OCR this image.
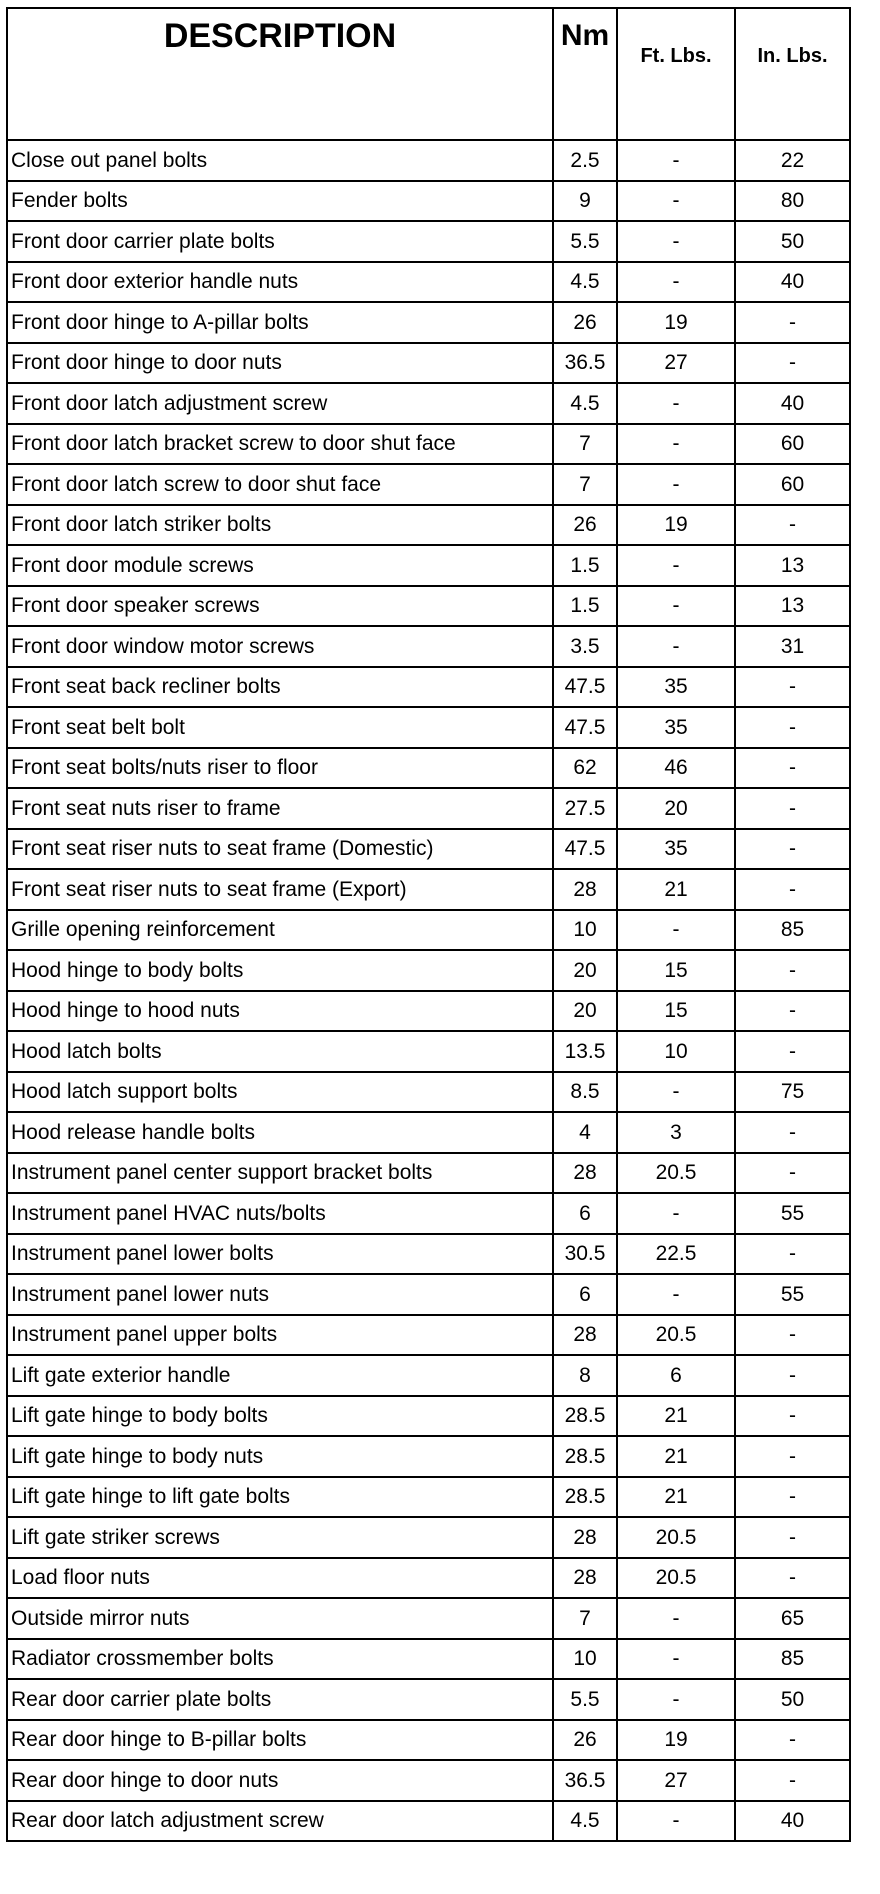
DESCRIPTION	Nm	Ft. Lbs.	In. Lbs.
Close out panel bolts	2.5	-	22
Fender bolts	9	-	80
Front door carrier plate bolts	5.5	-	50
Front door exterior handle nuts	4.5	-	40
Front door hinge to A-pillar bolts	26	19	-
Front door hinge to door nuts	36.5	27	-
Front door latch adjustment screw	4.5	-	40
Front door latch bracket screw to door shut face	7	-	60
Front door latch screw to door shut face	7	-	60
Front door latch striker bolts	26	19	-
Front door module screws	1.5	-	13
Front door speaker screws	1.5	-	13
Front door window motor screws	3.5	-	31
Front seat back recliner bolts	47.5	35	-
Front seat belt bolt	47.5	35	-
Front seat bolts/nuts riser to floor	62	46	-
Front seat nuts riser to frame	27.5	20	-
Front seat riser nuts to seat frame (Domestic)	47.5	35	-
Front seat riser nuts to seat frame (Export)	28	21	-
Grille opening reinforcement	10	-	85
Hood hinge to body bolts	20	15	-
Hood hinge to hood nuts	20	15	-
Hood latch bolts	13.5	10	-
Hood latch support bolts	8.5	-	75
Hood release handle bolts	4	3	-
Instrument panel center support bracket bolts	28	20.5	-
Instrument panel HVAC nuts/bolts	6	-	55
Instrument panel lower bolts	30.5	22.5	-
Instrument panel lower nuts	6	-	55
Instrument panel upper bolts	28	20.5	-
Lift gate exterior handle	8	6	-
Lift gate hinge to body bolts	28.5	21	-
Lift gate hinge to body nuts	28.5	21	-
Lift gate hinge to lift gate bolts	28.5	21	-
Lift gate striker screws	28	20.5	-
Load floor nuts	28	20.5	-
Outside mirror nuts	7	-	65
Radiator crossmember bolts	10	-	85
Rear door carrier plate bolts	5.5	-	50
Rear door hinge to B-pillar bolts	26	19	-
Rear door hinge to door nuts	36.5	27	-
Rear door latch adjustment screw	4.5	-	40
